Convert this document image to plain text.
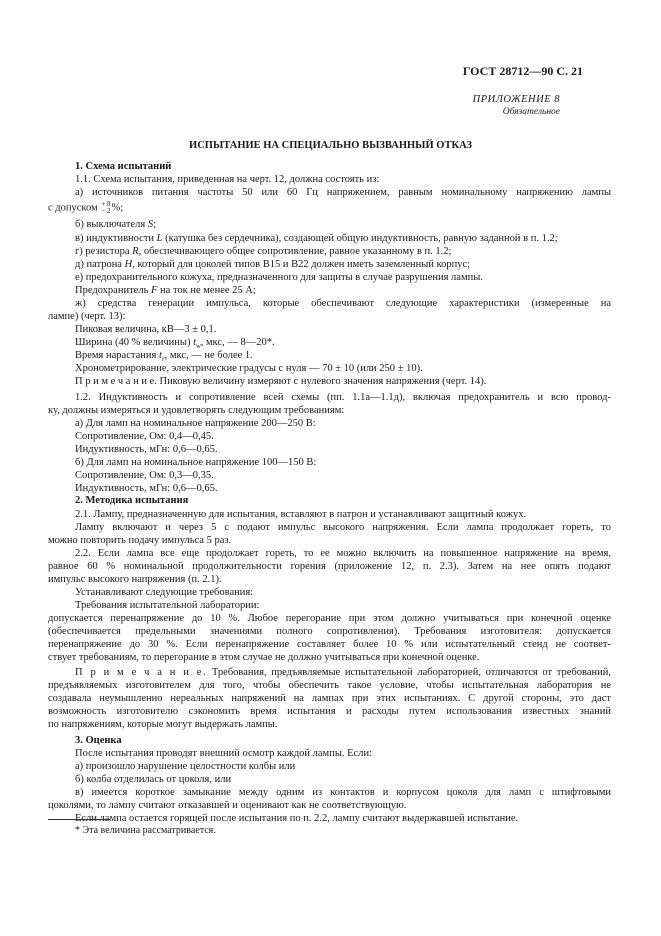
ГОСТ 28712—90 С. 21
ПРИЛОЖЕНИЕ 8
Обязательное
ИСПЫТАНИЕ НА СПЕЦИАЛЬНО ВЫЗВАННЫЙ ОТКАЗ
1. Схема испытаний
1.1. Схема испытания, приведенная на черт. 12, должна состоять из:
а) источников питания частоты 50 или 60 Гц напряжением, равным номинальному напряжению лампы
с допуском + 8
− 2%;
б) выключателя S;
в) индуктивности L (катушка без сердечника), создающей общую индуктивность, равную заданной в п. 1.2;
г) резистора R, обеспечивающего общее сопротивление, равное указанному в п. 1.2;
д) патрона H, который для цоколей типов B15 и B22 должен иметь заземленный корпус;
е) предохранительного кожуха, предназначенного для защиты в случае разрушения лампы.
Предохранитель F на ток не менее 25 А;
ж) средства генерации импульса, которые обеспечивают следующие характеристики (измеренные на
лампе) (черт. 13):
Пиковая величина, кВ—3 ± 0,1.
Ширина (40 % величины) $t_w$, мкс, — 8—20*.
Время нарастания $t_r$, мкс, — не более 1.
Хронометрирование, электрические градусы с нуля — 70 ± 10 (или 250 ± 10).
П р и м е ч а н и е. Пиковую величину измеряют с нулевого значения напряжения (черт. 14).
1.2. Индуктивность и сопротивление всей схемы (пп. 1.1а—1.1д), включая предохранитель и всю провод-
ку, должны измеряться и удовлетворять следующим требованиям:
а) Для ламп на номинальное напряжение 200—250 В:
Сопротивление, Ом: 0,4—0,45.
Индуктивность, мГн: 0,6—0,65.
б) Для ламп на номинальное напряжение 100—150 В:
Сопротивление, Ом: 0,3—0,35.
Индуктивность, мГн: 0,6—0,65.
2. Методика испытания
2.1. Лампу, предназначенную для испытания, вставляют в патрон и устанавливают защитный кожух.
Лампу включают и через 5 с подают импульс высокого напряжения. Если лампа продолжает гореть, то
можно повторить подачу импульса 5 раз.
2.2. Если лампа все еще продолжает гореть, то ее можно включить на повышенное напряжение на время,
равное 60 % номинальной продолжительности горения (приложение 12, п. 2.3). Затем на нее опять подают
импульс высокого напряжения (п. 2.1).
Устанавливают следующие требования:
Требования испытательной лаборатории:
допускается перенапряжение до 10 %. Любое перегорание при этом должно учитываться при конечной оценке
(обеспечивается предельными значениями полного сопротивления). Требования изготовителя: допускается
перенапряжение до 30 %. Если перенапряжение составляет более 10 % или испытательный стенд не соответ-
ствует требованиям, то перегорание в этом случае не должно учитываться при конечной оценке.
П р и м е ч а н и е. Требования, предъявляемые испытательной лабораторией, отличаются от требований,
предъявляемых изготовителем для того, чтобы обеспечить такое условие, чтобы испытательная лаборатория не
создавала неумышленно нереальных напряжений на лампах при этих испытаниях. С другой стороны, это даст
возможность изготовителю сэкономить время испытания и расходы путем использования известных знаний
по напряжениям, которые могут выдержать лампы.
3. Оценка
После испытания проводят внешний осмотр каждой лампы. Если:
а) произошло нарушение целостности колбы или
б) колба отделилась от цоколя, или
в) имеется короткое замыкание между одним из контактов и корпусом цоколя для ламп с штифтовыми
цоколями, то лампу считают отказавшей и оценивают как не соответствующую.
Если лампа остается горящей после испытания по п. 2.2, лампу считают выдержавшей испытание.
* Эта величина рассматривается.
